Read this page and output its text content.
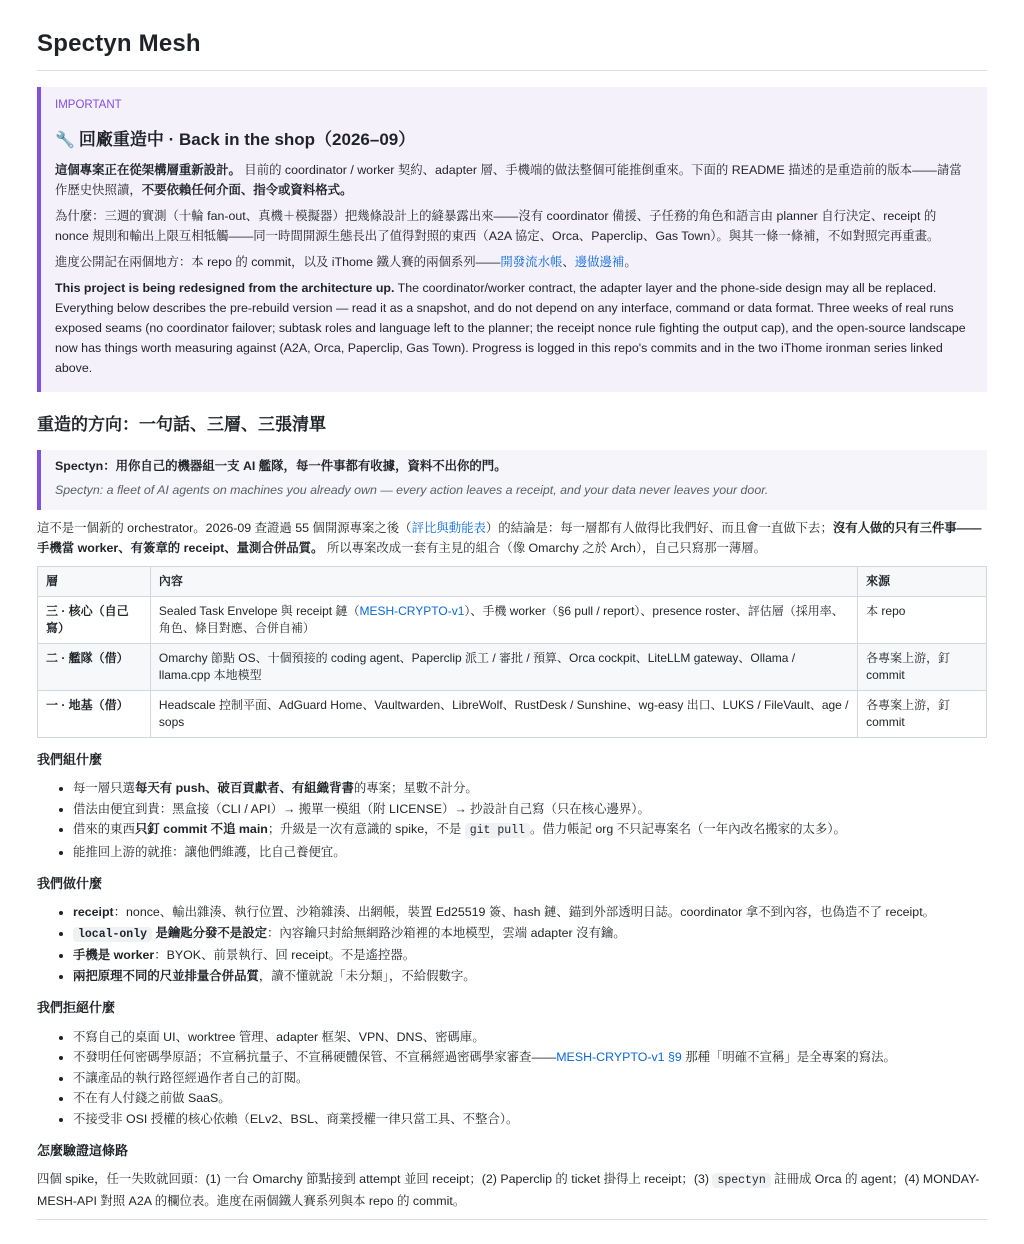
Spectyn Mesh
IMPORTANT
🔧 回廠重造中 · Back in the shop（2026–09）

這個專案正在從架構層重新設計。 目前的 coordinator / worker 契約、adapter 層、手機端的做法整個可能推倒重來。下面的 README 描述的是重造前的版本——請當作歷史快照讀，不要依賴任何介面、指令或資料格式。

為什麼：三週的實測（十輪 fan-out、真機＋模擬器）把幾條設計上的縫暴露出來——沒有 coordinator 備援、子任務的角色和語言由 planner 自行決定、receipt 的 nonce 規則和輸出上限互相牴觸——同一時間開源生態長出了值得對照的東西（A2A 協定、Orca、Paperclip、Gas Town）。與其一條一條補，不如對照完再重畫。

進度公開記在兩個地方：本 repo 的 commit，以及 iThome 鐵人賽的兩個系列——開發流水帳、邊做邊補。

This project is being redesigned from the architecture up. The coordinator/worker contract, the adapter layer and the phone-side design may all be replaced. Everything below describes the pre-rebuild version — read it as a snapshot, and do not depend on any interface, command or data format. Three weeks of real runs exposed seams (no coordinator failover; subtask roles and language left to the planner; the receipt nonce rule fighting the output cap), and the open-source landscape now has things worth measuring against (A2A, Orca, Paperclip, Gas Town). Progress is logged in this repo's commits and in the two iThome ironman series linked above.

重造的方向：一句話、三層、三張清單

Spectyn：用你自己的機器組一支 AI 艦隊，每一件事都有收據，資料不出你的門。

Spectyn: a fleet of AI agents on machines you already own — every action leaves a receipt, and your data never leaves your door.

這不是一個新的 orchestrator。2026-09 查證過 55 個開源專案之後（評比與動能表）的結論是：每一層都有人做得比我們好、而且會一直做下去；沒有人做的只有三件事——手機當 worker、有簽章的 receipt、量測合併品質。 所以專案改成一套有主見的組合（像 Omarchy 之於 Arch），自己只寫那一薄層。

層	內容	來源
三 · 核心（自己寫）	Sealed Task Envelope 與 receipt 鏈（MESH-CRYPTO-v1）、手機 worker（§6 pull / report）、presence roster、評估層（採用率、角色、條目對應、合併自補）	本 repo
二 · 艦隊（借）	Omarchy 節點 OS、十個預接的 coding agent、Paperclip 派工 / 審批 / 預算、Orca cockpit、LiteLLM gateway、Ollama / llama.cpp 本地模型	各專案上游，釘 commit
一 · 地基（借）	Headscale 控制平面、AdGuard Home、Vaultwarden、LibreWolf、RustDesk / Sunshine、wg-easy 出口、LUKS / FileVault、age / sops	各專案上游，釘 commit
我們組什麼
• 每一層只選每天有 push、破百貢獻者、有組織背書的專案；星數不計分。
• 借法由便宜到貴：黑盒接（CLI / API）→ 搬單一模組（附 LICENSE）→ 抄設計自己寫（只在核心邊界）。
• 借來的東西只釘 commit 不追 main；升級是一次有意識的 spike，不是 git pull 。借力帳記 org 不只記專案名（一年內改名搬家的太多）。
• 能推回上游的就推：讓他們維護，比自己養便宜。
我們做什麼
• receipt：nonce、輸出雜湊、執行位置、沙箱雜湊、出網帳，裝置 Ed25519 簽、hash 鏈、錨到外部透明日誌。coordinator 拿不到內容，也偽造不了 receipt。
• local-only 是鑰匙分發不是設定：內容鑰只封給無網路沙箱裡的本地模型，雲端 adapter 沒有鑰。
• 手機是 worker：BYOK、前景執行、回 receipt。不是遙控器。
• 兩把原理不同的尺並排量合併品質，讀不懂就說「未分類」，不給假數字。
我們拒絕什麼
• 不寫自己的桌面 UI、worktree 管理、adapter 框架、VPN、DNS、密碼庫。
• 不發明任何密碼學原語；不宣稱抗量子、不宣稱硬體保管、不宣稱經過密碼學家審查——MESH-CRYPTO-v1 §9 那種「明確不宣稱」是全專案的寫法。
• 不讓產品的執行路徑經過作者自己的訂閱。
• 不在有人付錢之前做 SaaS。
• 不接受非 OSI 授權的核心依賴（ELv2、BSL、商業授權一律只當工具、不整合）。
怎麼驗證這條路

四個 spike，任一失敗就回頭：(1) 一台 Omarchy 節點接到 attempt 並回 receipt；(2) Paperclip 的 ticket 掛得上 receipt；(3) spectyn 註冊成 Orca 的 agent；(4) MONDAY-MESH-API 對照 A2A 的欄位表。進度在兩個鐵人賽系列與本 repo 的 commit。
